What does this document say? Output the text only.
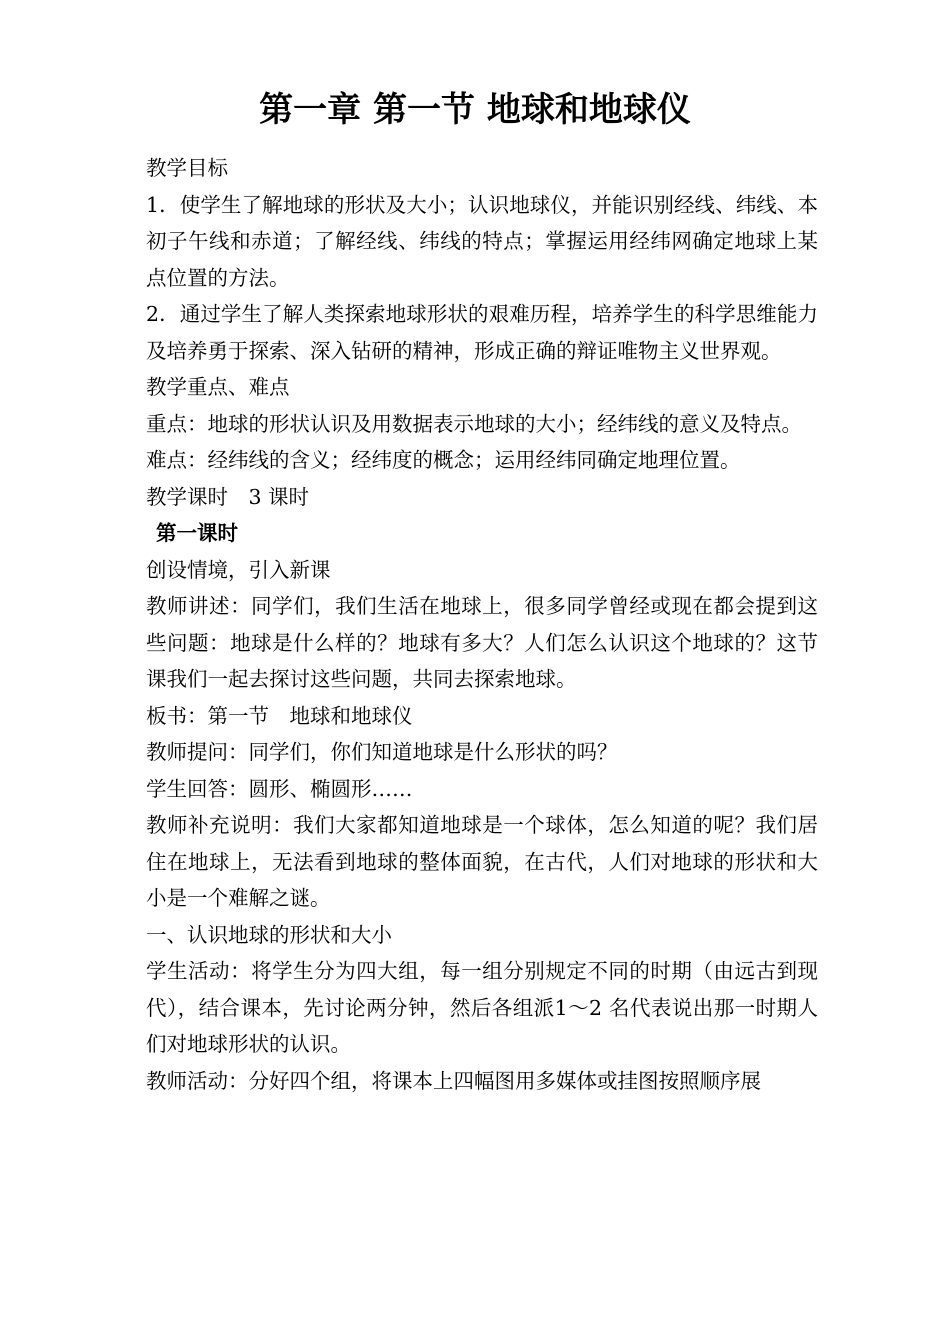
第一章 第一节 地球和地球仪

教学目标

1．使学生了解地球的形状及大小；认识地球仪，并能识别经线、纬线、本初子午线和赤道；了解经线、纬线的特点；掌握运用经纬网确定地球上某点位置的方法。

2．通过学生了解人类探索地球形状的艰难历程，培养学生的科学思维能力及培养勇于探索、深入钻研的精神，形成正确的辩证唯物主义世界观。

教学重点、难点

重点：地球的形状认识及用数据表示地球的大小；经纬线的意义及特点。

难点：经纬线的含义；经纬度的概念；运用经纬同确定地理位置。

教学课时　3 课时

第一课时

创设情境，引入新课

教师讲述：同学们，我们生活在地球上，很多同学曾经或现在都会提到这些问题：地球是什么样的？地球有多大？人们怎么认识这个地球的？这节课我们一起去探讨这些问题，共同去探索地球。

板书：第一节　地球和地球仪

教师提问：同学们，你们知道地球是什么形状的吗？

学生回答：圆形、椭圆形……

教师补充说明：我们大家都知道地球是一个球体，怎么知道的呢？我们居住在地球上，无法看到地球的整体面貌，在古代，人们对地球的形状和大小是一个难解之谜。

一、认识地球的形状和大小

学生活动：将学生分为四大组，每一组分别规定不同的时期（由远古到现代），结合课本，先讨论两分钟，然后各组派1～2 名代表说出那一时期人们对地球形状的认识。

教师活动：分好四个组，将课本上四幅图用多媒体或挂图按照顺序展
